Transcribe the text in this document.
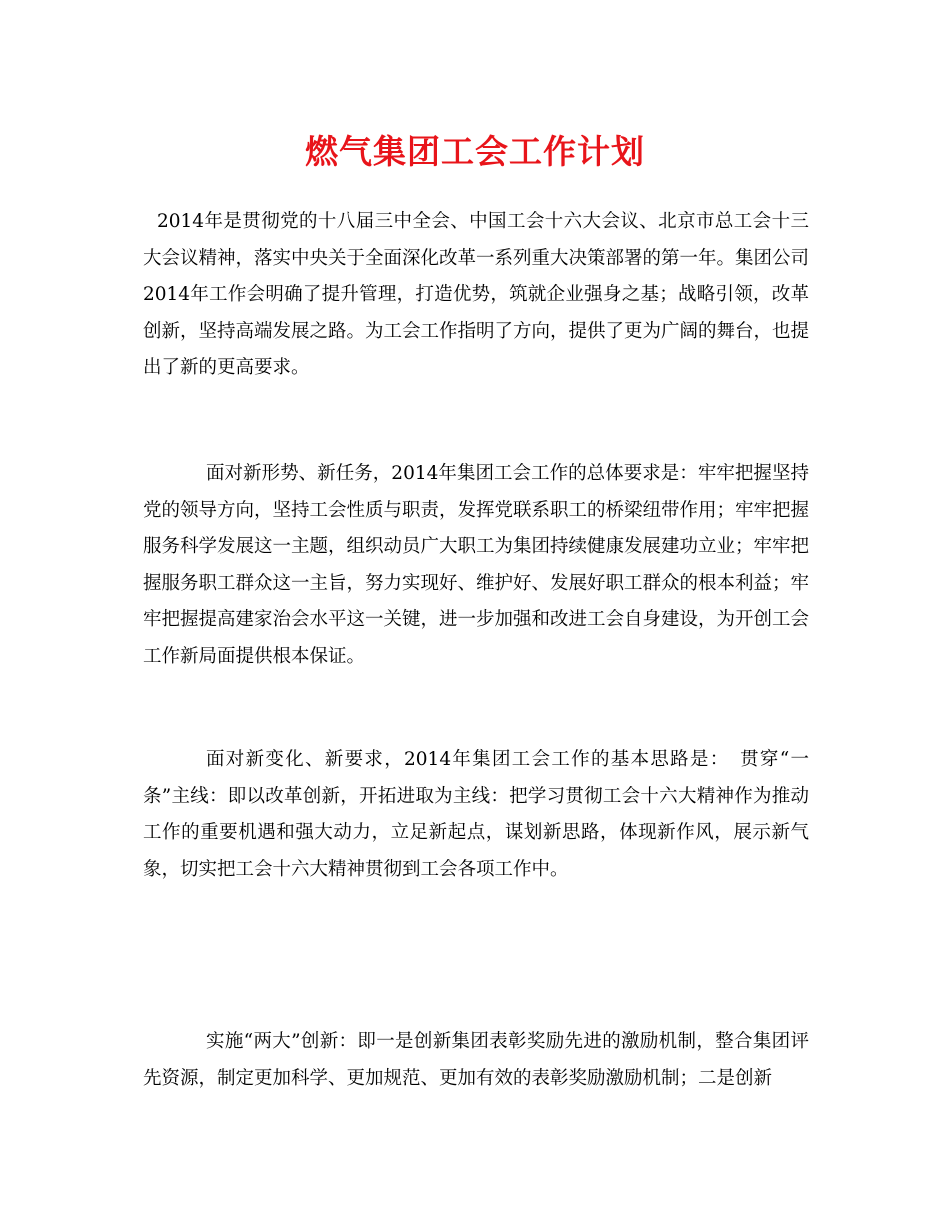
燃气集团工会工作计划

2014年是贯彻党的十八届三中全会、中国工会十六大会议、北京市总工会十三大会议精神，落实中央关于全面深化改革一系列重大决策部署的第一年。集团公司2014年工作会明确了提升管理，打造优势，筑就企业强身之基；战略引领，改革创新，坚持高端发展之路。为工会工作指明了方向，提供了更为广阔的舞台，也提出了新的更高要求。

面对新形势、新任务，2014年集团工会工作的总体要求是：牢牢把握坚持党的领导方向，坚持工会性质与职责，发挥党联系职工的桥梁纽带作用；牢牢把握服务科学发展这一主题，组织动员广大职工为集团持续健康发展建功立业；牢牢把握服务职工群众这一主旨，努力实现好、维护好、发展好职工群众的根本利益；牢牢把握提高建家治会水平这一关键，进一步加强和改进工会自身建设，为开创工会工作新局面提供根本保证。

面对新变化、新要求，2014年集团工会工作的基本思路是：　贯穿“一条”主线：即以改革创新，开拓进取为主线：把学习贯彻工会十六大精神作为推动工作的重要机遇和强大动力，立足新起点，谋划新思路，体现新作风，展示新气象，切实把工会十六大精神贯彻到工会各项工作中。

实施“两大”创新：即一是创新集团表彰奖励先进的激励机制，整合集团评先资源，制定更加科学、更加规范、更加有效的表彰奖励激励机制；二是创新
